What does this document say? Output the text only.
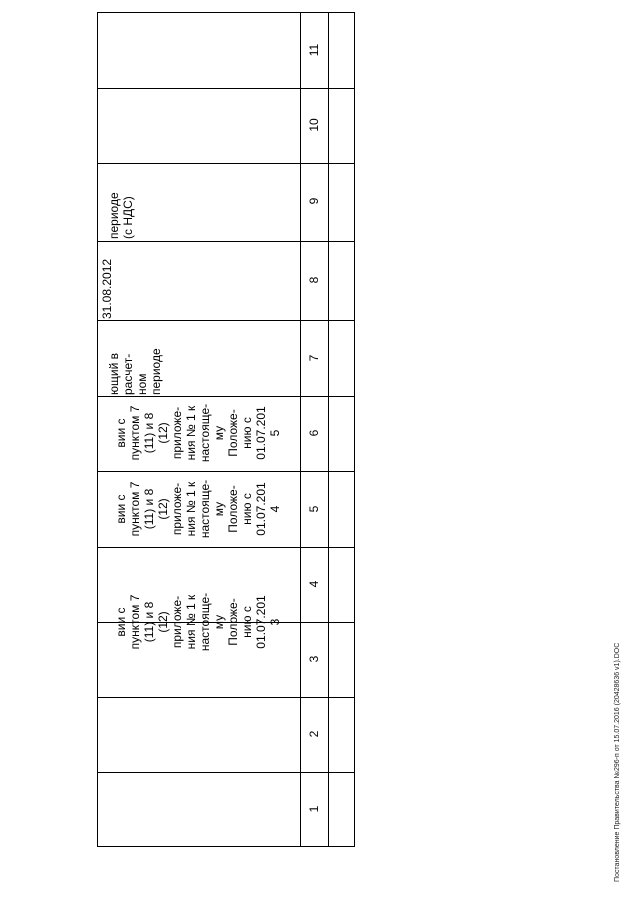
вии с
пунктом 7
(11) и 8
(12)
приложе-
ния № 1 к
настояще-
му
Положе-
нию с
01.07.201
3
вии с
пунктом 7
(11) и 8
(12)
приложе-
ния № 1 к
настояще-
му
Положе-
нию с
01.07.201
4
вии с
пунктом 7
(11) и 8
(12)
приложе-
ния № 1 к
настояще-
му
Положе-
нию с
01.07.201
5
ющий в
расчет-
ном
периоде
31.08.2012
периоде
(с НДС)
1
2
3
4
5
6
7
8
9
10
11
Постановление Правительства №296-п от 15.07.2016 (20428636 v1).DOC
